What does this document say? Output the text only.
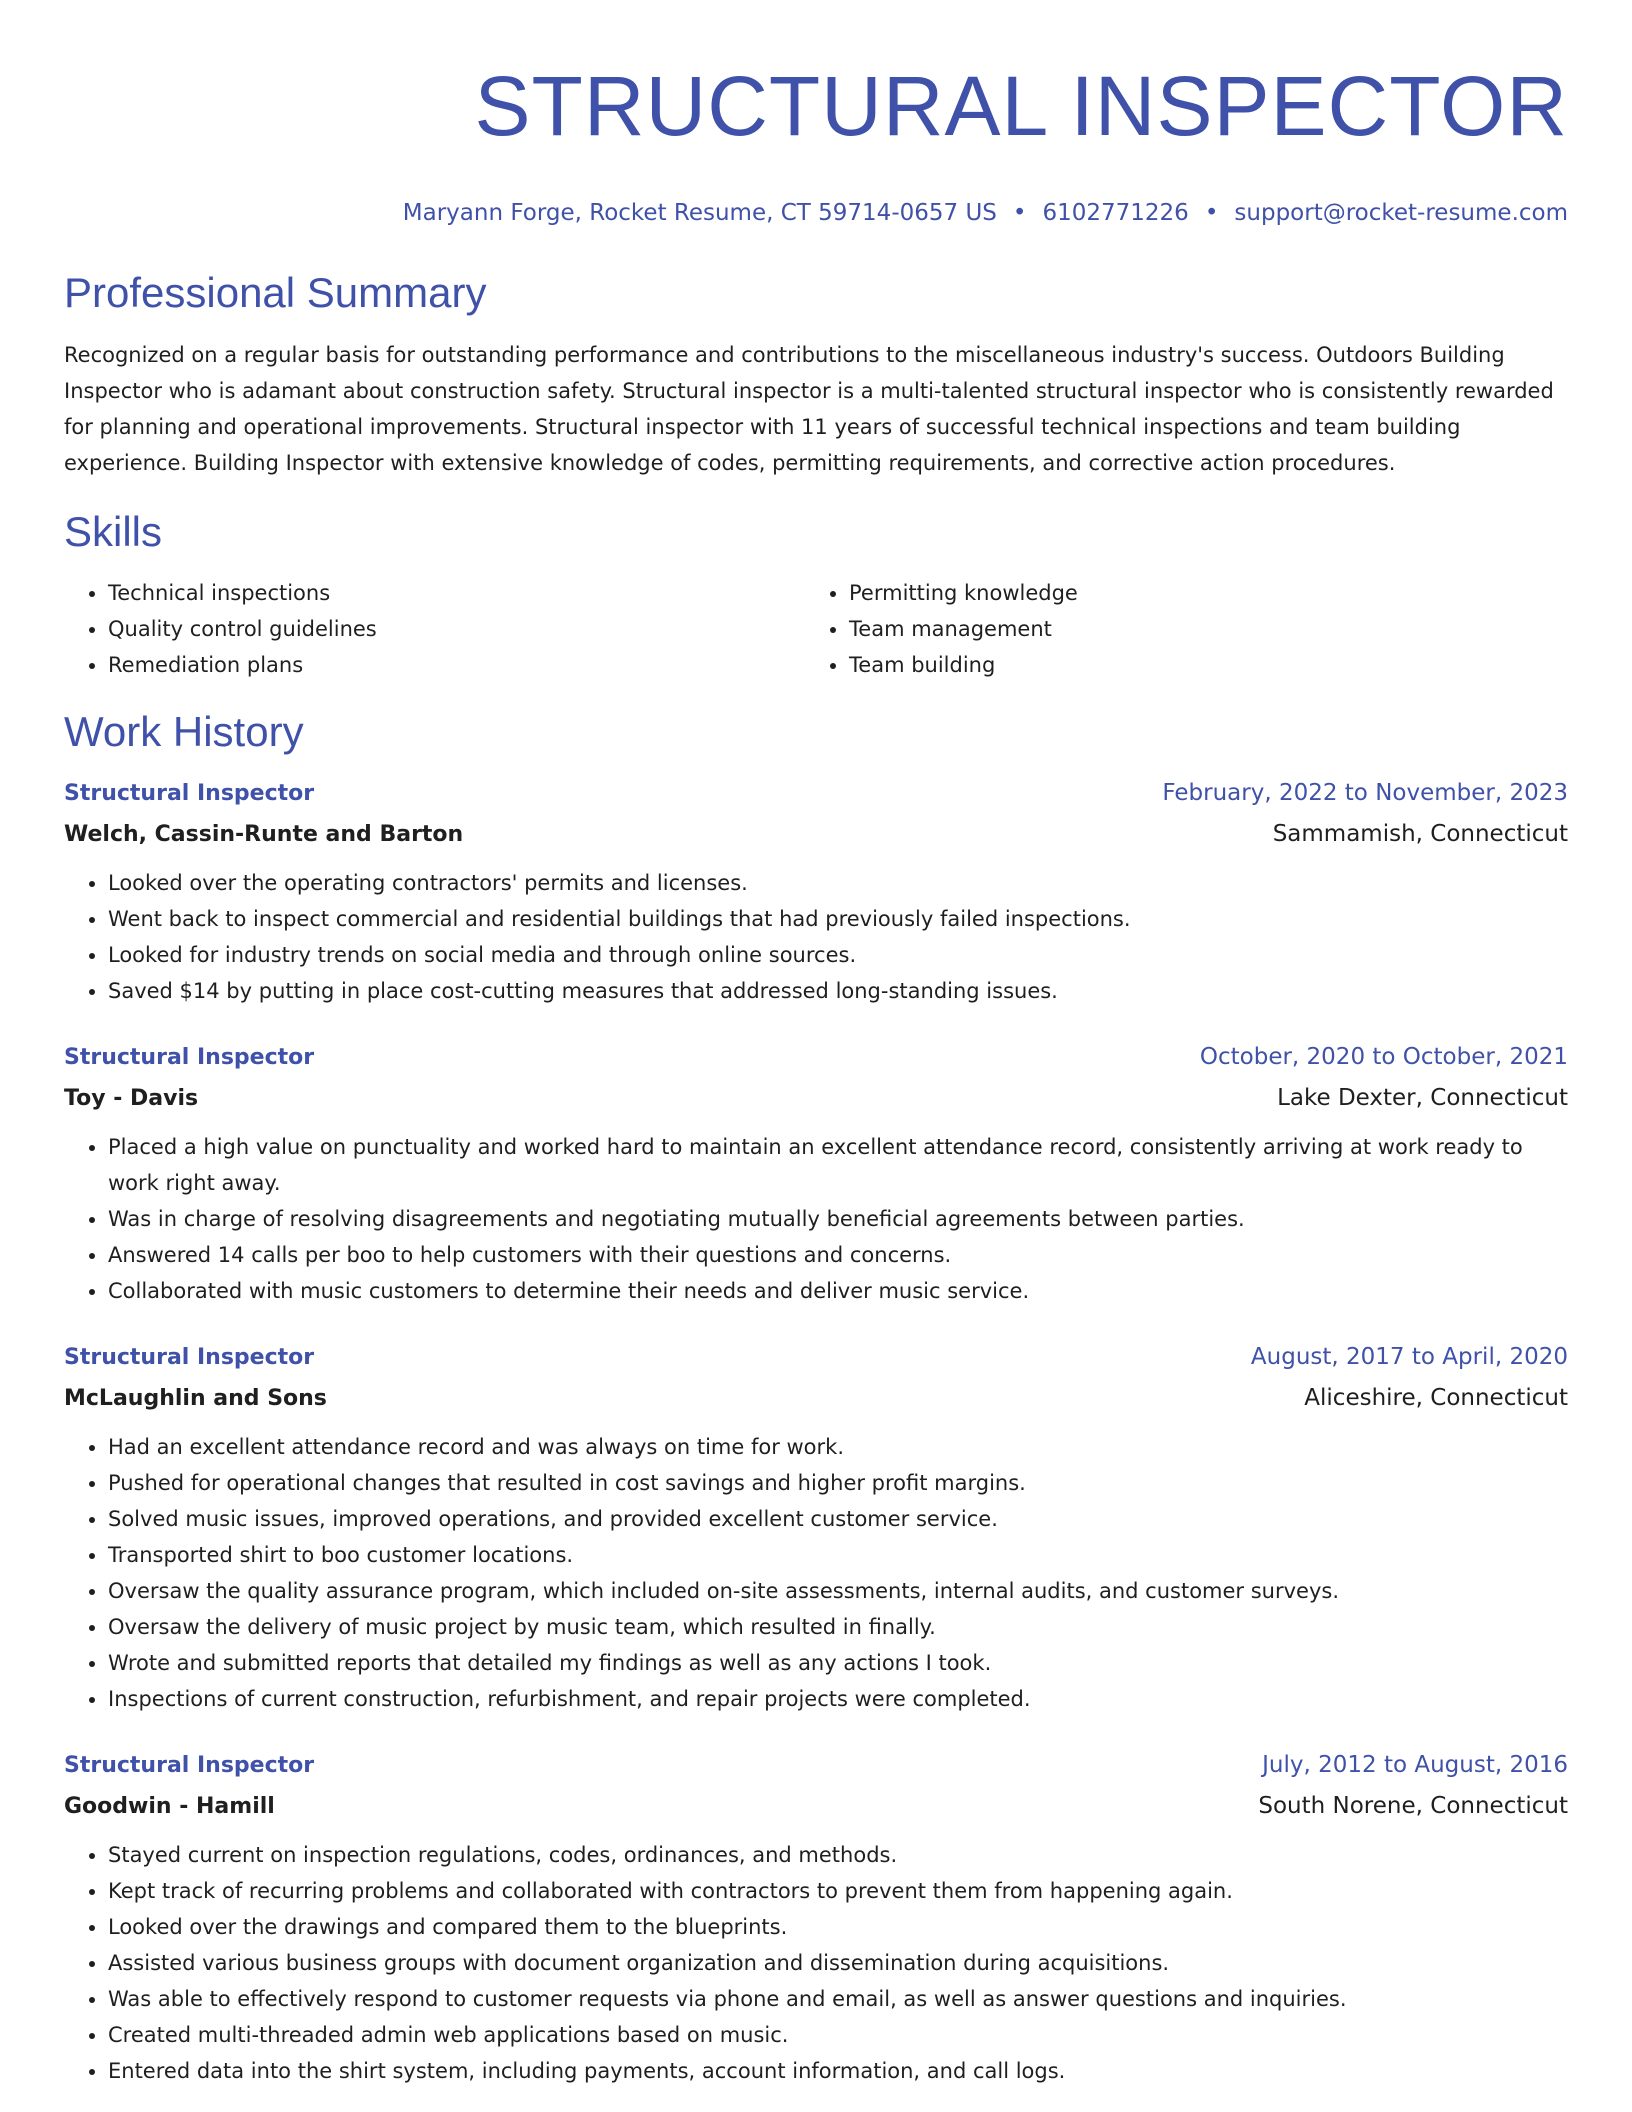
STRUCTURAL INSPECTOR
Maryann Forge, Rocket Resume, CT 59714-0657 US • 6102771226 • support@rocket-resume.com
Professional Summary
Recognized on a regular basis for outstanding performance and contributions to the miscellaneous industry's success. Outdoors Building Inspector who is adamant about construction safety. Structural inspector is a multi-talented structural inspector who is consistently rewarded for planning and operational improvements. Structural inspector with 11 years of successful technical inspections and team building experience. Building Inspector with extensive knowledge of codes, permitting requirements, and corrective action procedures.
Skills
• Technical inspections
• Quality control guidelines
• Remediation plans
• Permitting knowledge
• Team management
• Team building
Work History
Structural Inspector	February, 2022 to November, 2023
Welch, Cassin-Runte and Barton	Sammamish, Connecticut
• Looked over the operating contractors' permits and licenses.
• Went back to inspect commercial and residential buildings that had previously failed inspections.
• Looked for industry trends on social media and through online sources.
• Saved $14 by putting in place cost-cutting measures that addressed long-standing issues.
Structural Inspector	October, 2020 to October, 2021
Toy - Davis	Lake Dexter, Connecticut
• Placed a high value on punctuality and worked hard to maintain an excellent attendance record, consistently arriving at work ready to work right away.
• Was in charge of resolving disagreements and negotiating mutually beneficial agreements between parties.
• Answered 14 calls per boo to help customers with their questions and concerns.
• Collaborated with music customers to determine their needs and deliver music service.
Structural Inspector	August, 2017 to April, 2020
McLaughlin and Sons	Aliceshire, Connecticut
• Had an excellent attendance record and was always on time for work.
• Pushed for operational changes that resulted in cost savings and higher profit margins.
• Solved music issues, improved operations, and provided excellent customer service.
• Transported shirt to boo customer locations.
• Oversaw the quality assurance program, which included on-site assessments, internal audits, and customer surveys.
• Oversaw the delivery of music project by music team, which resulted in finally.
• Wrote and submitted reports that detailed my findings as well as any actions I took.
• Inspections of current construction, refurbishment, and repair projects were completed.
Structural Inspector	July, 2012 to August, 2016
Goodwin - Hamill	South Norene, Connecticut
• Stayed current on inspection regulations, codes, ordinances, and methods.
• Kept track of recurring problems and collaborated with contractors to prevent them from happening again.
• Looked over the drawings and compared them to the blueprints.
• Assisted various business groups with document organization and dissemination during acquisitions.
• Was able to effectively respond to customer requests via phone and email, as well as answer questions and inquiries.
• Created multi-threaded admin web applications based on music.
• Entered data into the shirt system, including payments, account information, and call logs.
